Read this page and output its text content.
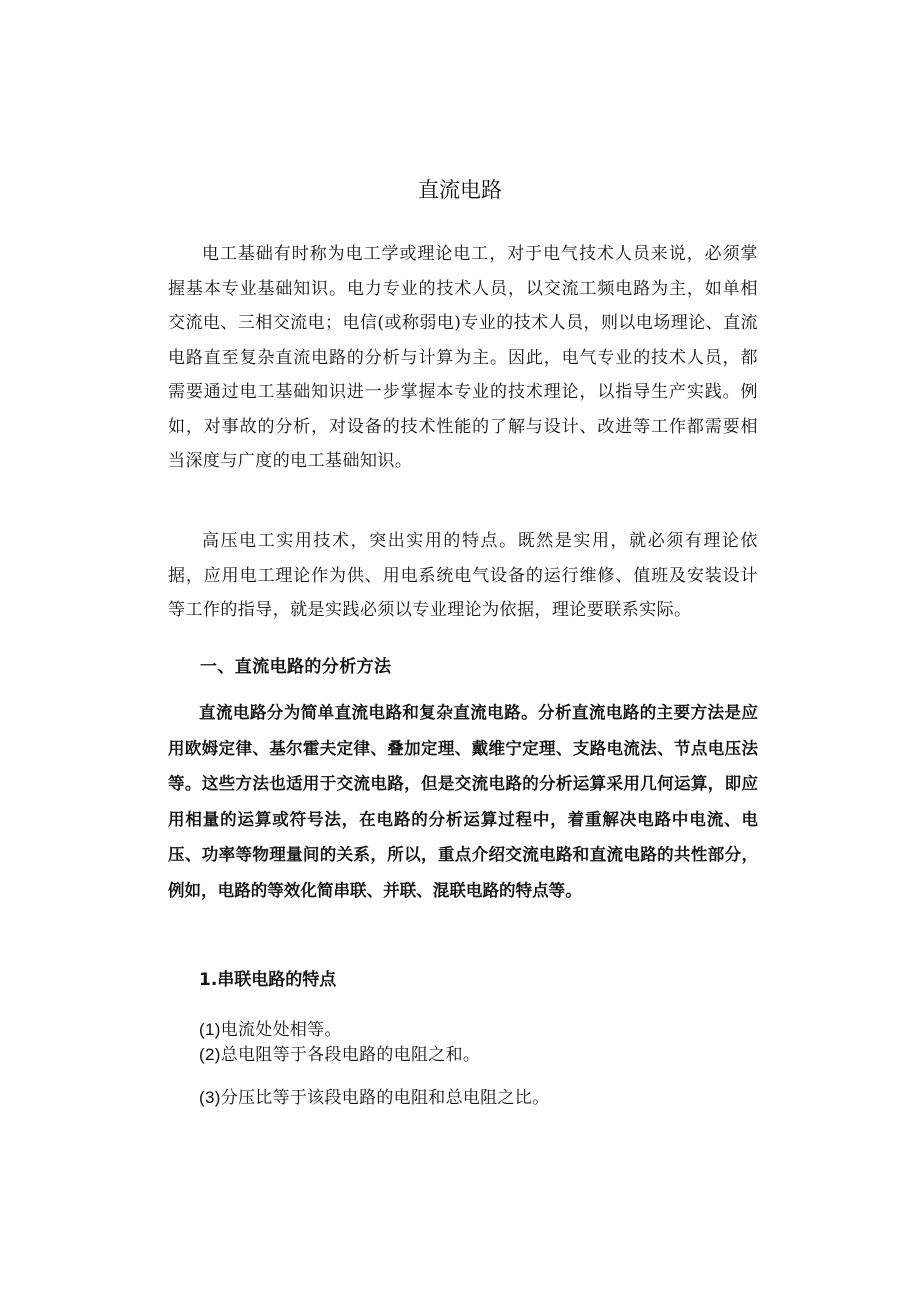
直流电路

电工基础有时称为电工学或理论电工，对于电气技术人员来说，必须掌握基本专业基础知识。电力专业的技术人员，以交流工频电路为主，如单相交流电、三相交流电；电信(或称弱电)专业的技术人员，则以电场理论、直流电路直至复杂直流电路的分析与计算为主。因此，电气专业的技术人员，都需要通过电工基础知识进一步掌握本专业的技术理论，以指导生产实践。例如，对事故的分析，对设备的技术性能的了解与设计、改进等工作都需要相当深度与广度的电工基础知识。

高压电工实用技术，突出实用的特点。既然是实用，就必须有理论依据，应用电工理论作为供、用电系统电气设备的运行维修、值班及安装设计等工作的指导，就是实践必须以专业理论为依据，理论要联系实际。

一、直流电路的分析方法

直流电路分为简单直流电路和复杂直流电路。分析直流电路的主要方法是应用欧姆定律、基尔霍夫定律、叠加定理、戴维宁定理、支路电流法、节点电压法等。这些方法也适用于交流电路，但是交流电路的分析运算采用几何运算，即应用相量的运算或符号法，在电路的分析运算过程中，着重解决电路中电流、电压、功率等物理量间的关系，所以，重点介绍交流电路和直流电路的共性部分，例如，电路的等效化简串联、并联、混联电路的特点等。

1.串联电路的特点

(1)电流处处相等。

(2)总电阻等于各段电路的电阻之和。

(3)分压比等于该段电路的电阻和总电阻之比。
